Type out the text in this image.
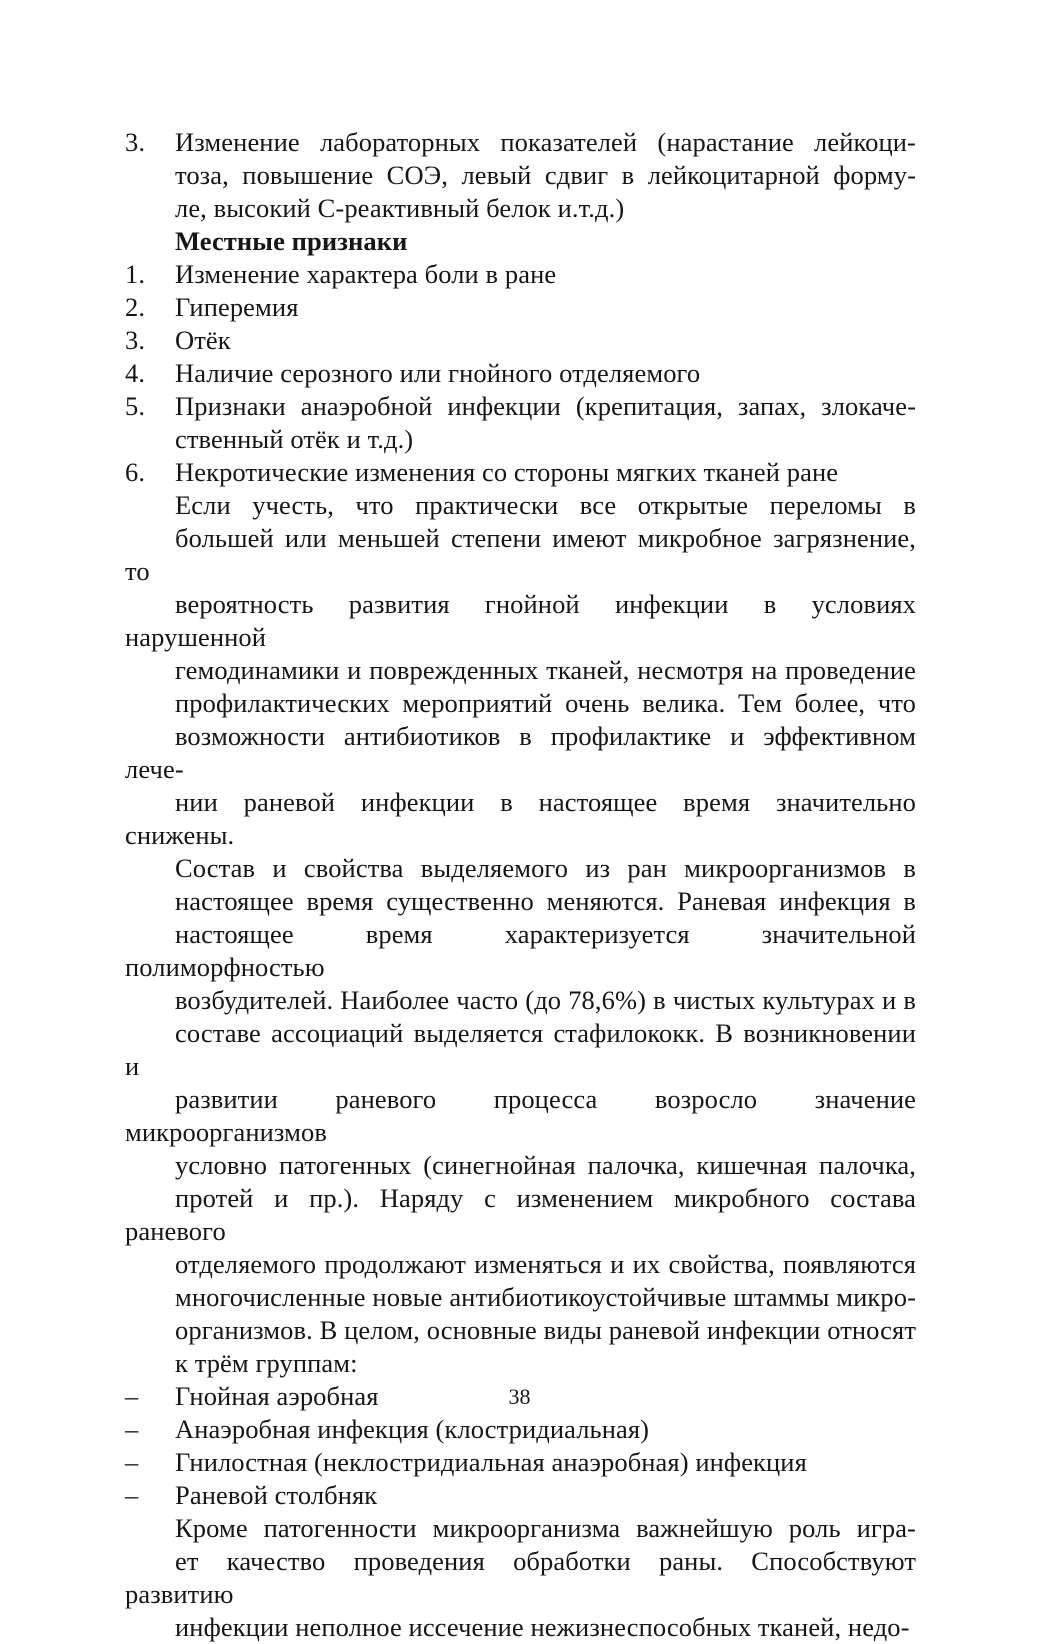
3. Изменение лабораторных показателей (нарастание лейкоци-
тоза, повышение СОЭ, левый сдвиг в лейкоцитарной форму-
ле, высокий С-реактивный белок и.т.д.)
Местные признаки
1. Изменение характера боли в ране
2. Гиперемия
3. Отёк
4. Наличие серозного или гнойного отделяемого
5. Признаки анаэробной инфекции (крепитация, запах, злокаче-
ственный отёк и т.д.)
6. Некротические изменения со стороны мягких тканей ране
Если учесть, что практически все открытые переломы в
большей или меньшей степени имеют микробное загрязнение, то
вероятность развития гнойной инфекции в условиях нарушенной
гемодинамики и поврежденных тканей, несмотря на проведение
профилактических мероприятий очень велика. Тем более, что
возможности антибиотиков в профилактике и эффективном лече-
нии раневой инфекции в настоящее время значительно снижены.
Состав и свойства выделяемого из ран микроорганизмов в
настоящее время существенно меняются. Раневая инфекция в
настоящее время характеризуется значительной полиморфностью
возбудителей. Наиболее часто (до 78,6%) в чистых культурах и в
составе ассоциаций выделяется стафилококк. В возникновении и
развитии раневого процесса возросло значение микроорганизмов
условно патогенных (синегнойная палочка, кишечная палочка,
протей и пр.). Наряду с изменением микробного состава раневого
отделяемого продолжают изменяться и их свойства, появляются
многочисленные новые антибиотикоустойчивые штаммы микро-
организмов. В целом, основные виды раневой инфекции относят
к трём группам:
– Гнойная аэробная
– Анаэробная инфекция (клостридиальная)
– Гнилостная (неклостридиальная анаэробная) инфекция
– Раневой столбняк
Кроме патогенности микроорганизма важнейшую роль игра-
ет качество проведения обработки раны. Способствуют развитию
инфекции неполное иссечение нежизнеспособных тканей, недо-
38
